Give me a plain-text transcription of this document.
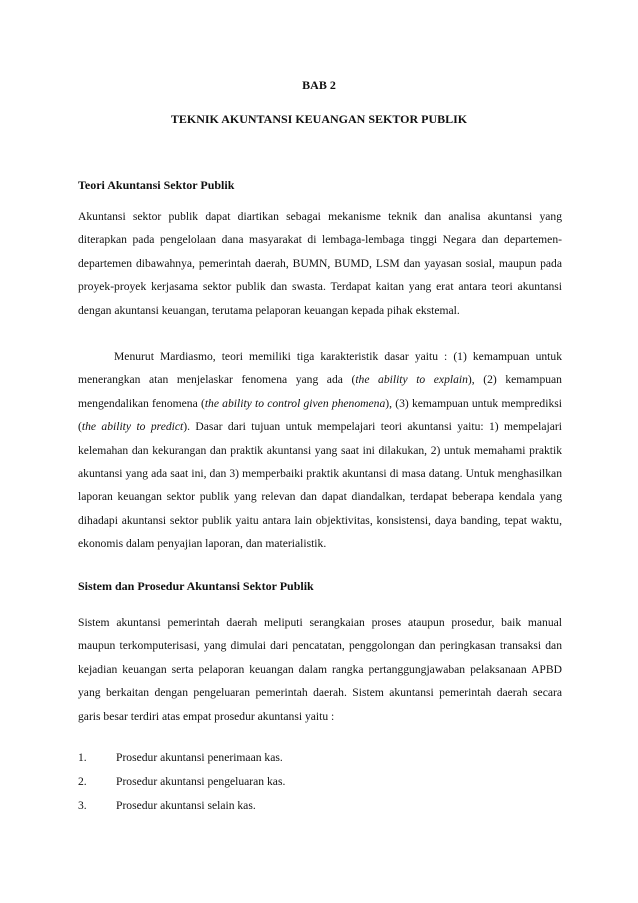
BAB 2
TEKNIK AKUNTANSI KEUANGAN SEKTOR PUBLIK
Teori Akuntansi Sektor Publik

Akuntansi sektor publik dapat diartikan sebagai mekanisme teknik dan analisa akuntansi yang diterapkan pada pengelolaan dana masyarakat di lembaga-lembaga tinggi Negara dan departemen-departemen dibawahnya, pemerintah daerah, BUMN, BUMD, LSM dan yayasan sosial, maupun pada proyek-proyek kerjasama sektor publik dan swasta. Terdapat kaitan yang erat antara teori akuntansi dengan akuntansi keuangan, terutama pelaporan keuangan kepada pihak ekstemal.

Menurut Mardiasmo, teori memiliki tiga karakteristik dasar yaitu : (1) kemampuan untuk menerangkan atan menjelaskar fenomena yang ada (the ability to explain), (2) kemampuan mengendalikan fenomena (the ability to control given phenomena), (3) kemampuan untuk memprediksi (the ability to predict). Dasar dari tujuan untuk mempelajari teori akuntansi yaitu: 1) mempelajari kelemahan dan kekurangan dan praktik akuntansi yang saat ini dilakukan, 2) untuk memahami praktik akuntansi yang ada saat ini, dan 3) memperbaiki praktik akuntansi di masa datang. Untuk menghasilkan laporan keuangan sektor publik yang relevan dan dapat diandalkan, terdapat beberapa kendala yang dihadapi akuntansi sektor publik yaitu antara lain objektivitas, konsistensi, daya banding, tepat waktu, ekonomis dalam penyajian laporan, dan materialistik.

Sistem dan Prosedur Akuntansi Sektor Publik

Sistem akuntansi pemerintah daerah meliputi serangkaian proses ataupun prosedur, baik manual maupun terkomputerisasi, yang dimulai dari pencatatan, penggolongan dan peringkasan transaksi dan kejadian keuangan serta pelaporan keuangan dalam rangka pertanggungjawaban pelaksanaan APBD yang berkaitan dengan pengeluaran pemerintah daerah. Sistem akuntansi pemerintah daerah secara garis besar terdiri atas empat prosedur akuntansi yaitu :

1.	Prosedur akuntansi penerimaan kas.
2.	Prosedur akuntansi pengeluaran kas.
3.	Prosedur akuntansi selain kas.
